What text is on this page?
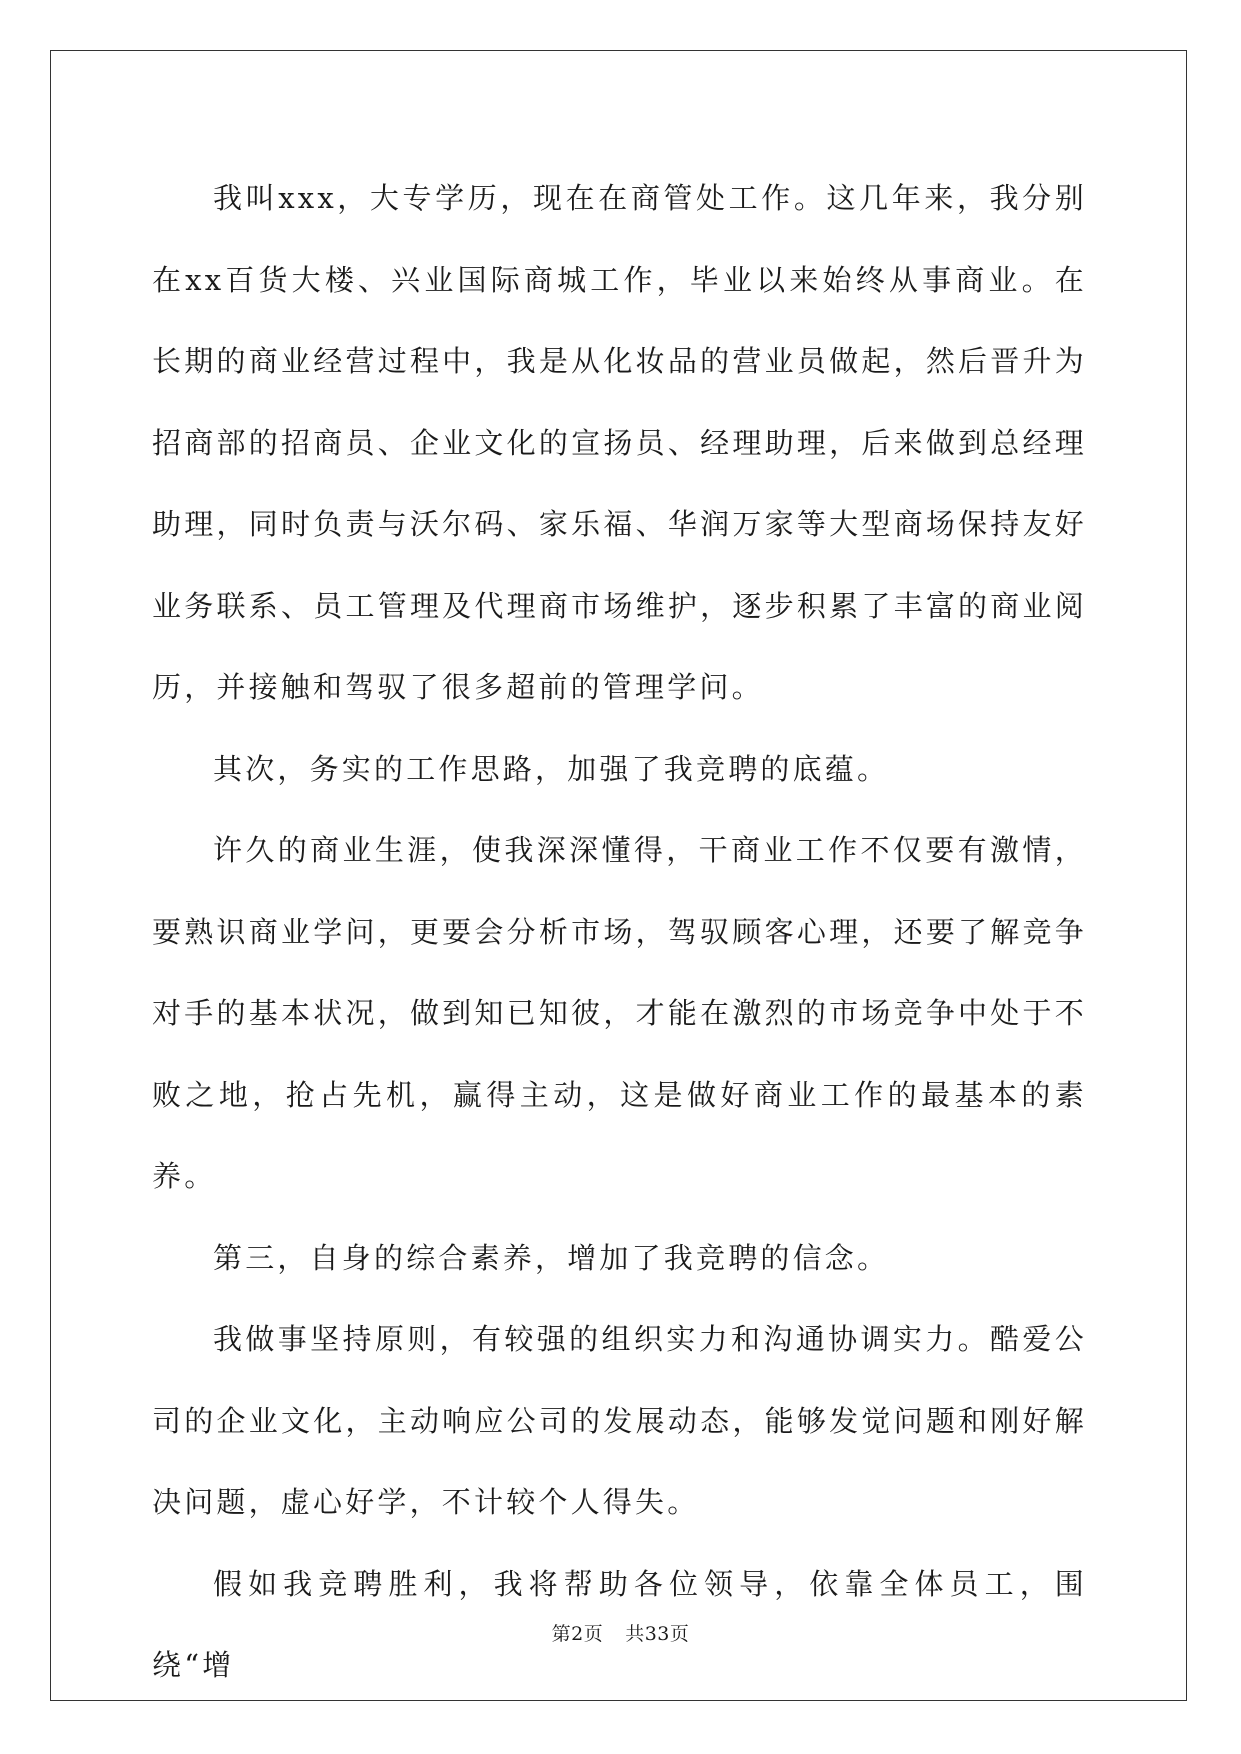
我叫xxx，大专学历，现在在商管处工作。这几年来，我分别在xx百货大楼、兴业国际商城工作，毕业以来始终从事商业。在长期的商业经营过程中，我是从化妆品的营业员做起，然后晋升为招商部的招商员、企业文化的宣扬员、经理助理，后来做到总经理助理，同时负责与沃尔码、家乐福、华润万家等大型商场保持友好业务联系、员工管理及代理商市场维护，逐步积累了丰富的商业阅历，并接触和驾驭了很多超前的管理学问。

其次，务实的工作思路，加强了我竞聘的底蕴。

许久的商业生涯，使我深深懂得，干商业工作不仅要有激情，要熟识商业学问，更要会分析市场，驾驭顾客心理，还要了解竞争对手的基本状况，做到知已知彼，才能在激烈的市场竞争中处于不败之地，抢占先机，赢得主动，这是做好商业工作的最基本的素养。

第三，自身的综合素养，增加了我竞聘的信念。

我做事坚持原则，有较强的组织实力和沟通协调实力。酷爱公司的企业文化，主动响应公司的发展动态，能够发觉问题和刚好解决问题，虚心好学，不计较个人得失。

假如我竞聘胜利，我将帮助各位领导，依靠全体员工，围绕“增

第2页 共33页
